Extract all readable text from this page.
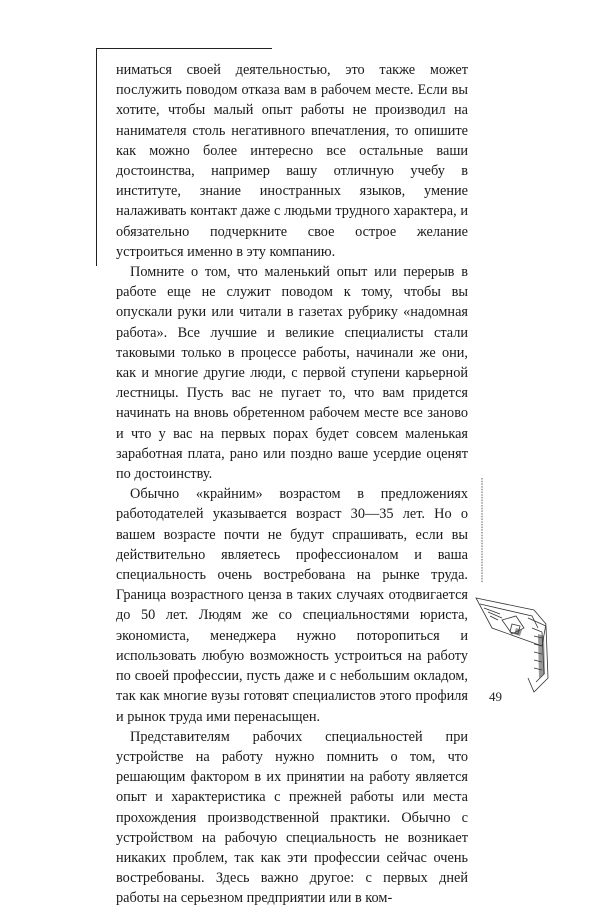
ниматься своей деятельностью, это также может послужить поводом отказа вам в рабочем месте. Если вы хотите, чтобы малый опыт работы не производил на нанимателя столь негативного впечатления, то опишите как можно более интересно все остальные ваши достоинства, например вашу отличную учебу в институте, знание иностранных языков, умение налаживать контакт даже с людьми трудного характера, и обязательно подчеркните свое острое желание устроиться именно в эту компанию.

Помните о том, что маленький опыт или перерыв в работе еще не служит поводом к тому, чтобы вы опускали руки или читали в газетах рубрику «надомная работа». Все лучшие и великие специалисты стали таковыми только в процессе работы, начинали же они, как и многие другие люди, с первой ступени карьерной лестницы. Пусть вас не пугает то, что вам придется начинать на вновь обретенном рабочем месте все заново и что у вас на первых порах будет совсем маленькая заработная плата, рано или поздно ваше усердие оценят по достоинству.

Обычно «крайним» возрастом в предложениях работодателей указывается возраст 30—35 лет. Но о вашем возрасте почти не будут спрашивать, если вы действительно являетесь профессионалом и ваша специальность очень востребована на рынке труда. Граница возрастного ценза в таких случаях отодвигается до 50 лет. Людям же со специальностями юриста, экономиста, менеджера нужно поторопиться и использовать любую возможность устроиться на работу по своей профессии, пусть даже и с небольшим окладом, так как многие вузы готовят специалистов этого профиля и рынок труда ими перенасыщен.

Представителям рабочих специальностей при устройстве на работу нужно помнить о том, что решающим фактором в их принятии на работу является опыт и характеристика с прежней работы или места прохождения производственной практики. Обычно с устройством на рабочую специальность не возникает никаких проблем, так как эти профессии сейчас очень востребованы. Здесь важно другое: с первых дней работы на серьезном предприятии или в ком-

49
